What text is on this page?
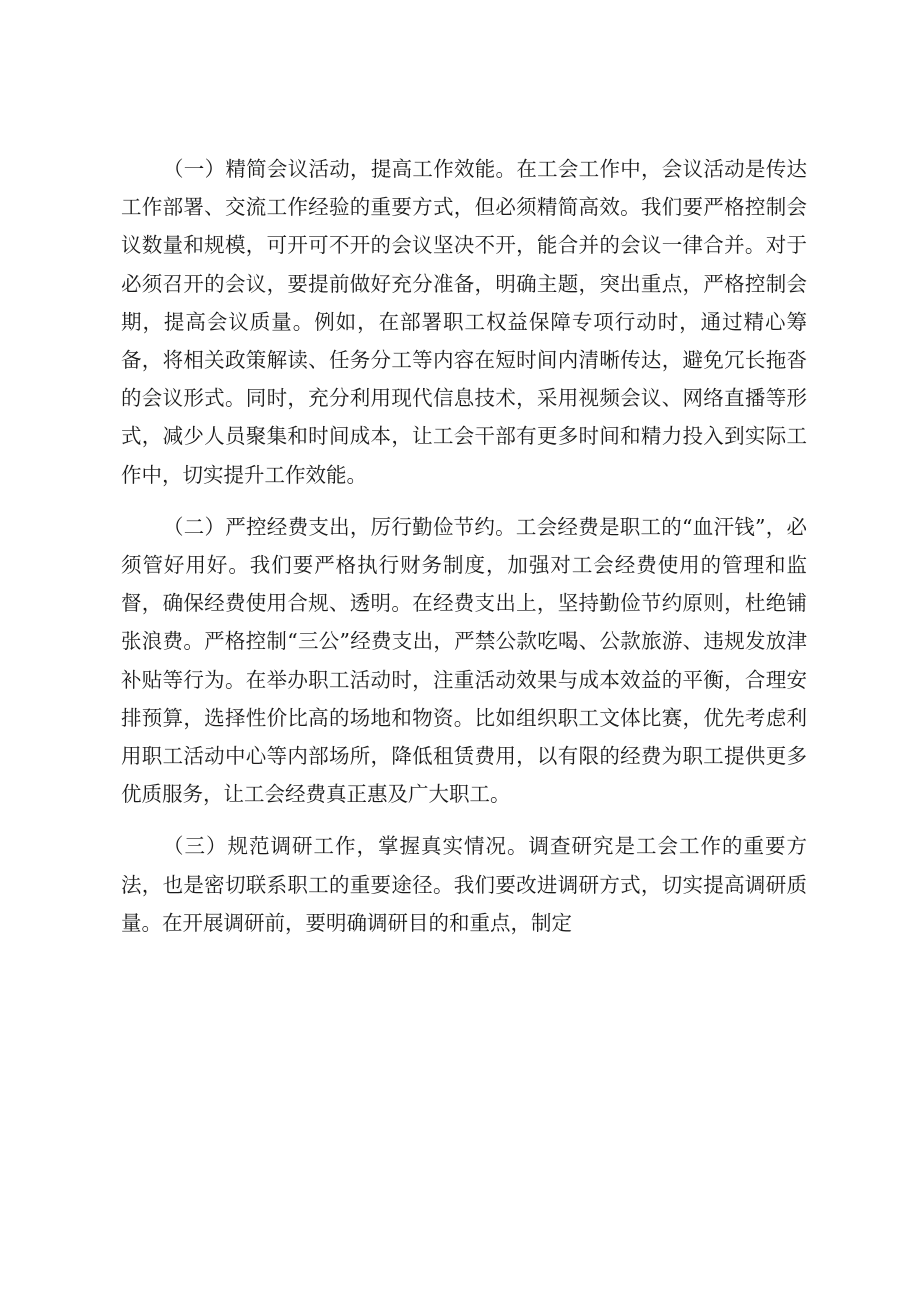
（一）精简会议活动，提高工作效能。在工会工作中，会议活动是传达工作部署、交流工作经验的重要方式，但必须精简高效。我们要严格控制会议数量和规模，可开可不开的会议坚决不开，能合并的会议一律合并。对于必须召开的会议，要提前做好充分准备，明确主题，突出重点，严格控制会期，提高会议质量。例如，在部署职工权益保障专项行动时，通过精心筹备，将相关政策解读、任务分工等内容在短时间内清晰传达，避免冗长拖沓的会议形式。同时，充分利用现代信息技术，采用视频会议、网络直播等形式，减少人员聚集和时间成本，让工会干部有更多时间和精力投入到实际工作中，切实提升工作效能。

（二）严控经费支出，厉行勤俭节约。工会经费是职工的“血汗钱”，必须管好用好。我们要严格执行财务制度，加强对工会经费使用的管理和监督，确保经费使用合规、透明。在经费支出上，坚持勤俭节约原则，杜绝铺张浪费。严格控制“三公”经费支出，严禁公款吃喝、公款旅游、违规发放津补贴等行为。在举办职工活动时，注重活动效果与成本效益的平衡，合理安排预算，选择性价比高的场地和物资。比如组织职工文体比赛，优先考虑利用职工活动中心等内部场所，降低租赁费用，以有限的经费为职工提供更多优质服务，让工会经费真正惠及广大职工。

（三）规范调研工作，掌握真实情况。调查研究是工会工作的重要方法，也是密切联系职工的重要途径。我们要改进调研方式，切实提高调研质量。在开展调研前，要明确调研目的和重点，制定
